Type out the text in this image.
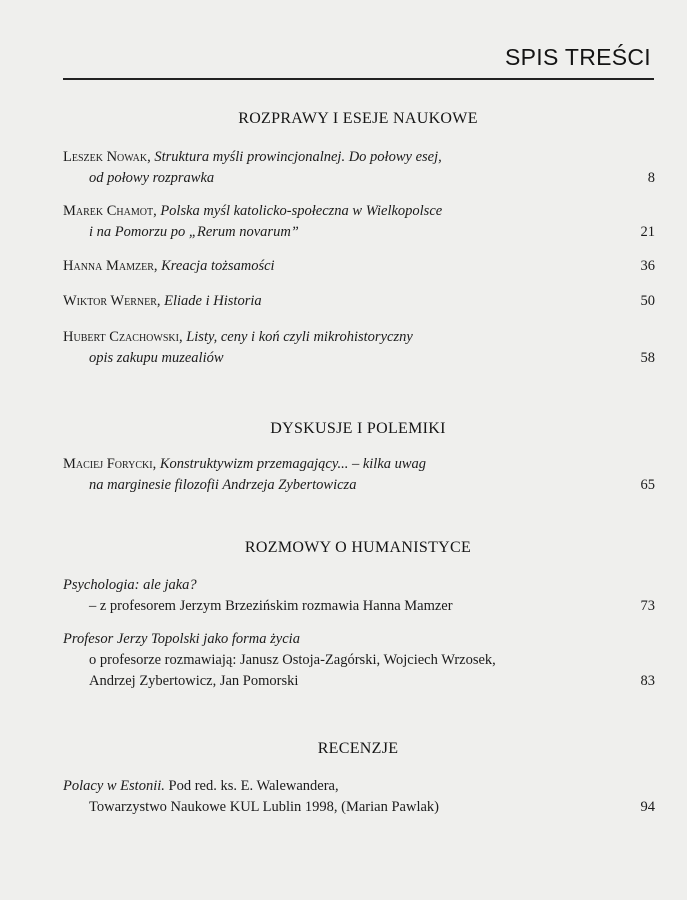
SPIS TREŚCI
ROZPRAWY I ESEJE NAUKOWE
Leszek Nowak, Struktura myśli prowincjonalnej. Do połowy esej,
od połowy rozprawka	8
Marek Chamot, Polska myśl katolicko-społeczna w Wielkopolsce
i na Pomorzu po „Rerum novarum”	21
Hanna Mamzer, Kreacja tożsamości	36
Wiktor Werner, Eliade i Historia	50
Hubert Czachowski, Listy, ceny i koń czyli mikrohistoryczny
opis zakupu muzealiów	58
DYSKUSJE I POLEMIKI
Maciej Forycki, Konstruktywizm przemagający... – kilka uwag
na marginesie filozofii Andrzeja Zybertowicza	65
ROZMOWY O HUMANISTYCE
Psychologia: ale jaka?
– z profesorem Jerzym Brzezińskim rozmawia Hanna Mamzer	73
Profesor Jerzy Topolski jako forma życia
o profesorze rozmawiają: Janusz Ostoja-Zagórski, Wojciech Wrzosek,
Andrzej Zybertowicz, Jan Pomorski	83
RECENZJE
Polacy w Estonii. Pod red. ks. E. Walewandera,
Towarzystwo Naukowe KUL Lublin 1998, (Marian Pawlak)	94
